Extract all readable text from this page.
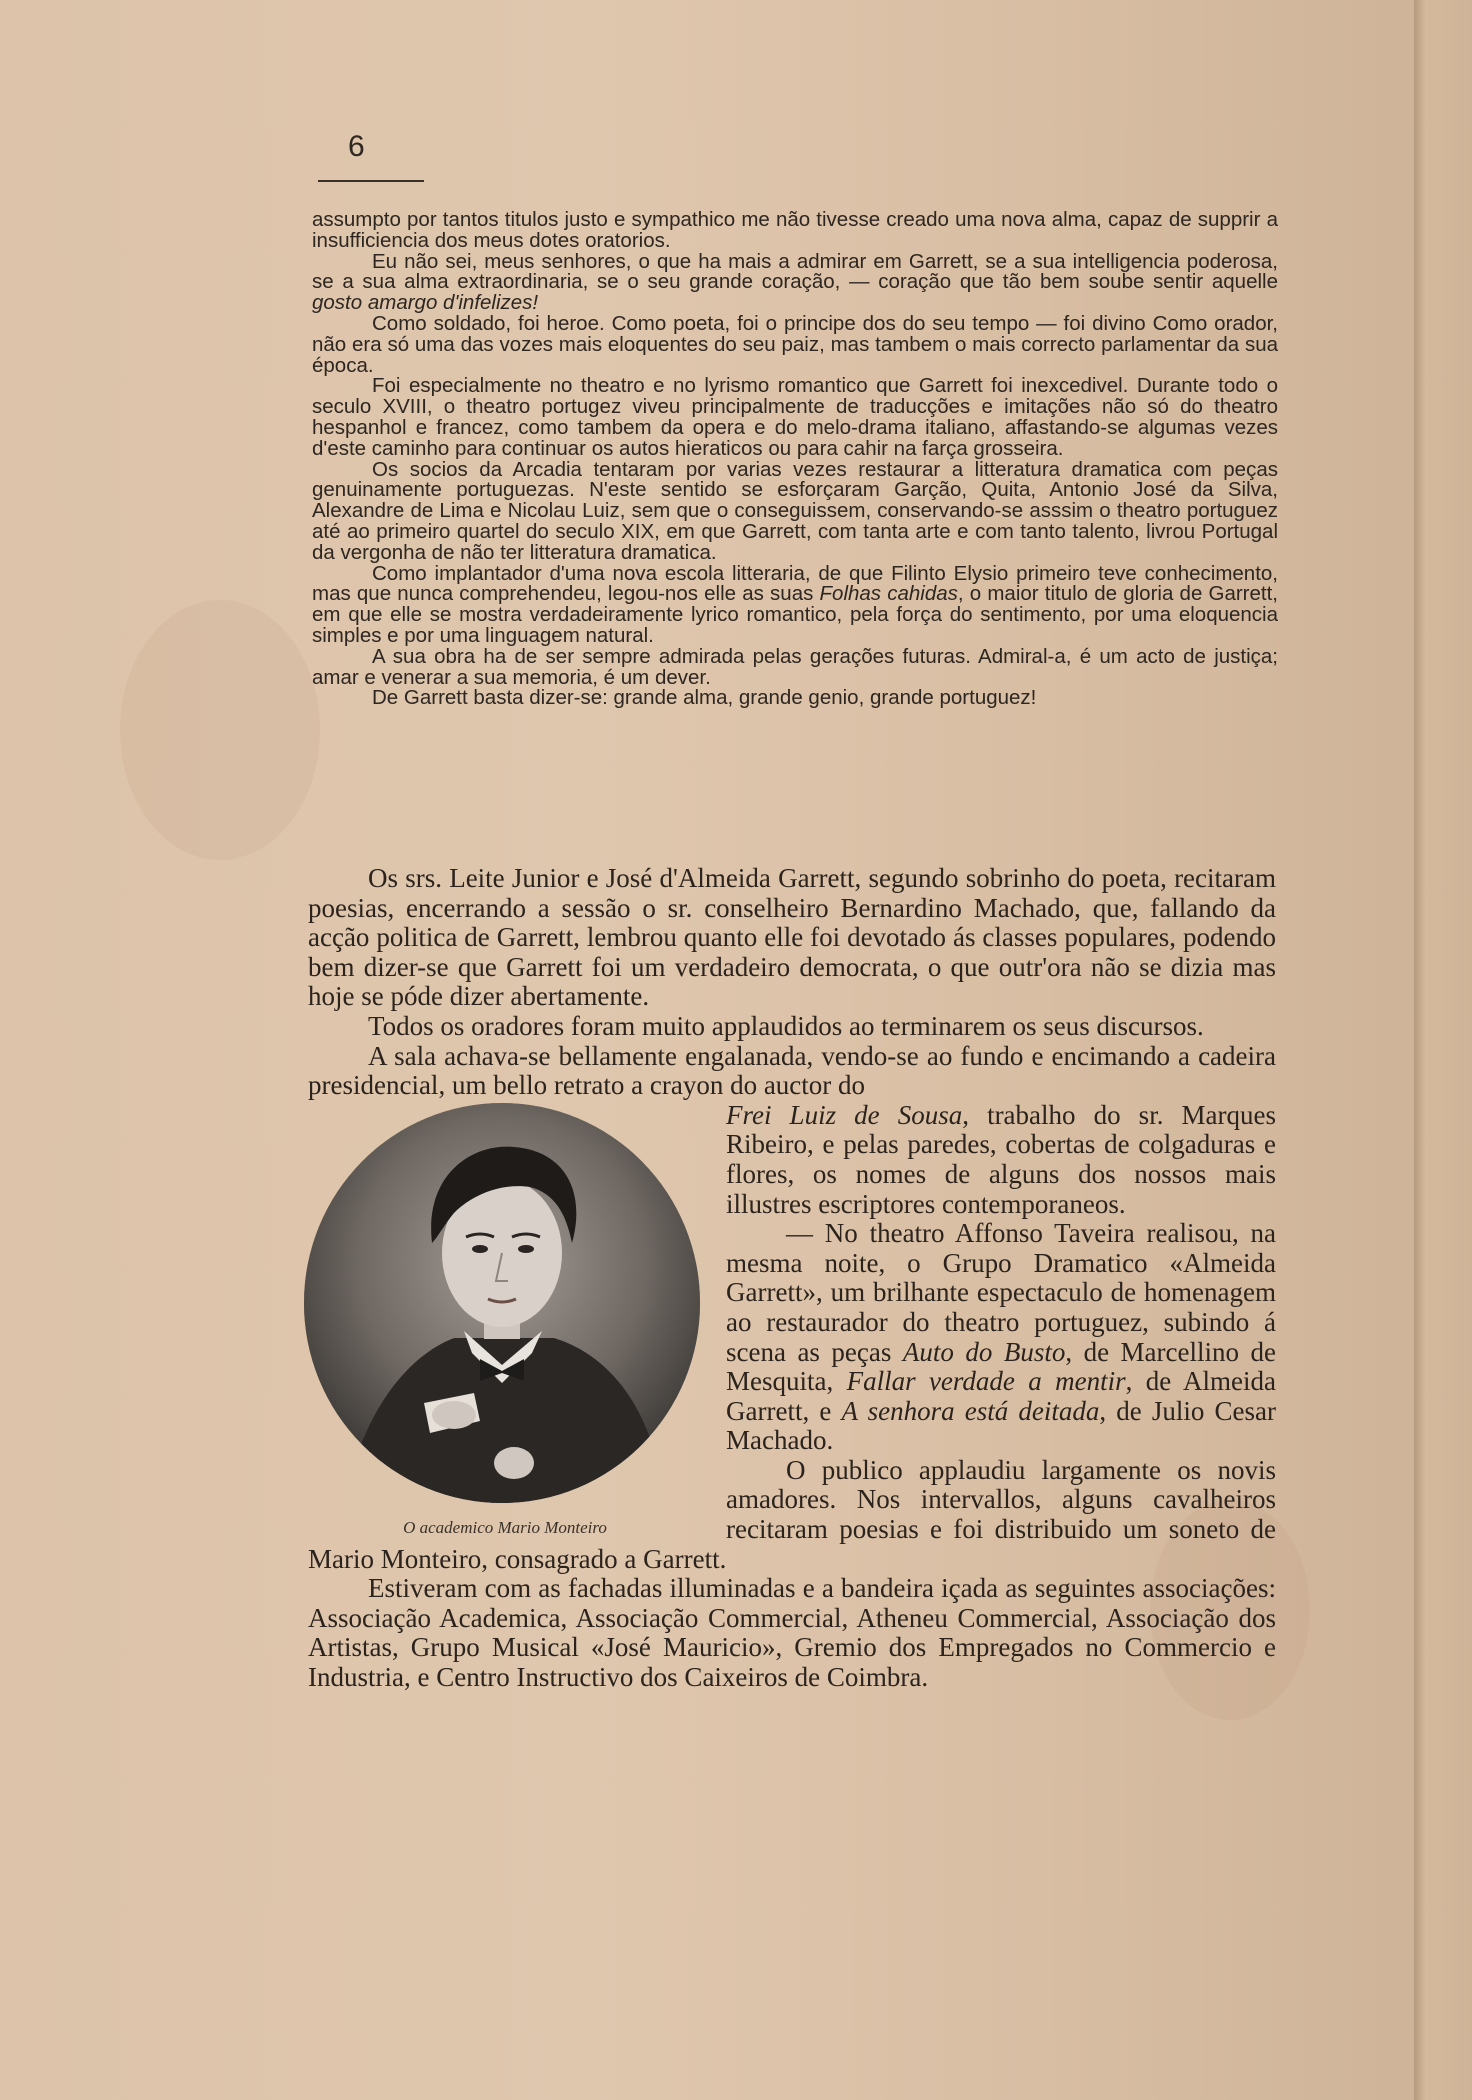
6

assumpto por tantos titulos justo e sympathico me não tivesse creado uma nova alma, capaz de supprir a insufficiencia dos meus dotes oratorios.

Eu não sei, meus senhores, o que ha mais a admirar em Garrett, se a sua intelligencia poderosa, se a sua alma extraordinaria, se o seu grande coração, — coração que tão bem soube sentir aquelle gosto amargo d'infelizes!

Como soldado, foi heroe. Como poeta, foi o principe dos do seu tempo — foi divino Como orador, não era só uma das vozes mais eloquentes do seu paiz, mas tambem o mais correcto parlamentar da sua época.

Foi especialmente no theatro e no lyrismo romantico que Garrett foi inexcedivel. Durante todo o seculo XVIII, o theatro portugez viveu principalmente de traducções e imitações não só do theatro hespanhol e francez, como tambem da opera e do melo-drama italiano, affastando-se algumas vezes d'este caminho para continuar os autos hieraticos ou para cahir na farça grosseira.

Os socios da Arcadia tentaram por varias vezes restaurar a litteratura dramatica com peças genuinamente portuguezas. N'este sentido se esforçaram Garção, Quita, Antonio José da Silva, Alexandre de Lima e Nicolau Luiz, sem que o conseguissem, conservando-se asssim o theatro portuguez até ao primeiro quartel do seculo XIX, em que Garrett, com tanta arte e com tanto talento, livrou Portugal da vergonha de não ter litteratura dramatica.

Como implantador d'uma nova escola litteraria, de que Filinto Elysio primeiro teve conhecimento, mas que nunca comprehendeu, legou-nos elle as suas Folhas cahidas, o maior titulo de gloria de Garrett, em que elle se mostra verdadeiramente lyrico romantico, pela força do sentimento, por uma eloquencia simples e por uma linguagem natural.

A sua obra ha de ser sempre admirada pelas gerações futuras. Admiral-a, é um acto de justiça; amar e venerar a sua memoria, é um dever.

De Garrett basta dizer-se: grande alma, grande genio, grande portuguez!

Os srs. Leite Junior e José d'Almeida Garrett, segundo sobrinho do poeta, recitaram poesias, encerrando a sessão o sr. conselheiro Bernardino Machado, que, fallando da acção politica de Garrett, lembrou quanto elle foi devotado ás classes populares, podendo bem dizer-se que Garrett foi um verdadeiro democrata, o que outr'ora não se dizia mas hoje se póde dizer abertamente.

Todos os oradores foram muito applaudidos ao terminarem os seus discursos.

A sala achava-se bellamente engalanada, vendo-se ao fundo e encimando a cadeira presidencial, um bello retrato a crayon do auctor do

O academico Mario Monteiro

Frei Luiz de Sousa, trabalho do sr. Marques Ribeiro, e pelas paredes, cobertas de colgaduras e flores, os nomes de alguns dos nossos mais illustres escriptores contemporaneos.

— No theatro Affonso Taveira realisou, na mesma noite, o Grupo Dramatico «Almeida Garrett», um brilhante espectaculo de homenagem ao restaurador do theatro portuguez, subindo á scena as peças Auto do Busto, de Marcellino de Mesquita, Fallar verdade a mentir, de Almeida Garrett, e A senhora está deitada, de Julio Cesar Machado.

O publico applaudiu largamente os novis amadores. Nos intervallos, alguns cavalheiros recitaram poesias e foi distribuido um soneto de Mario Monteiro, consagrado a Garrett.

Estiveram com as fachadas illuminadas e a bandeira içada as seguintes associações: Associação Academica, Associação Commercial, Atheneu Commercial, Associação dos Artistas, Grupo Musical «José Mauricio», Gremio dos Empregados no Commercio e Industria, e Centro Instructivo dos Caixeiros de Coimbra.
